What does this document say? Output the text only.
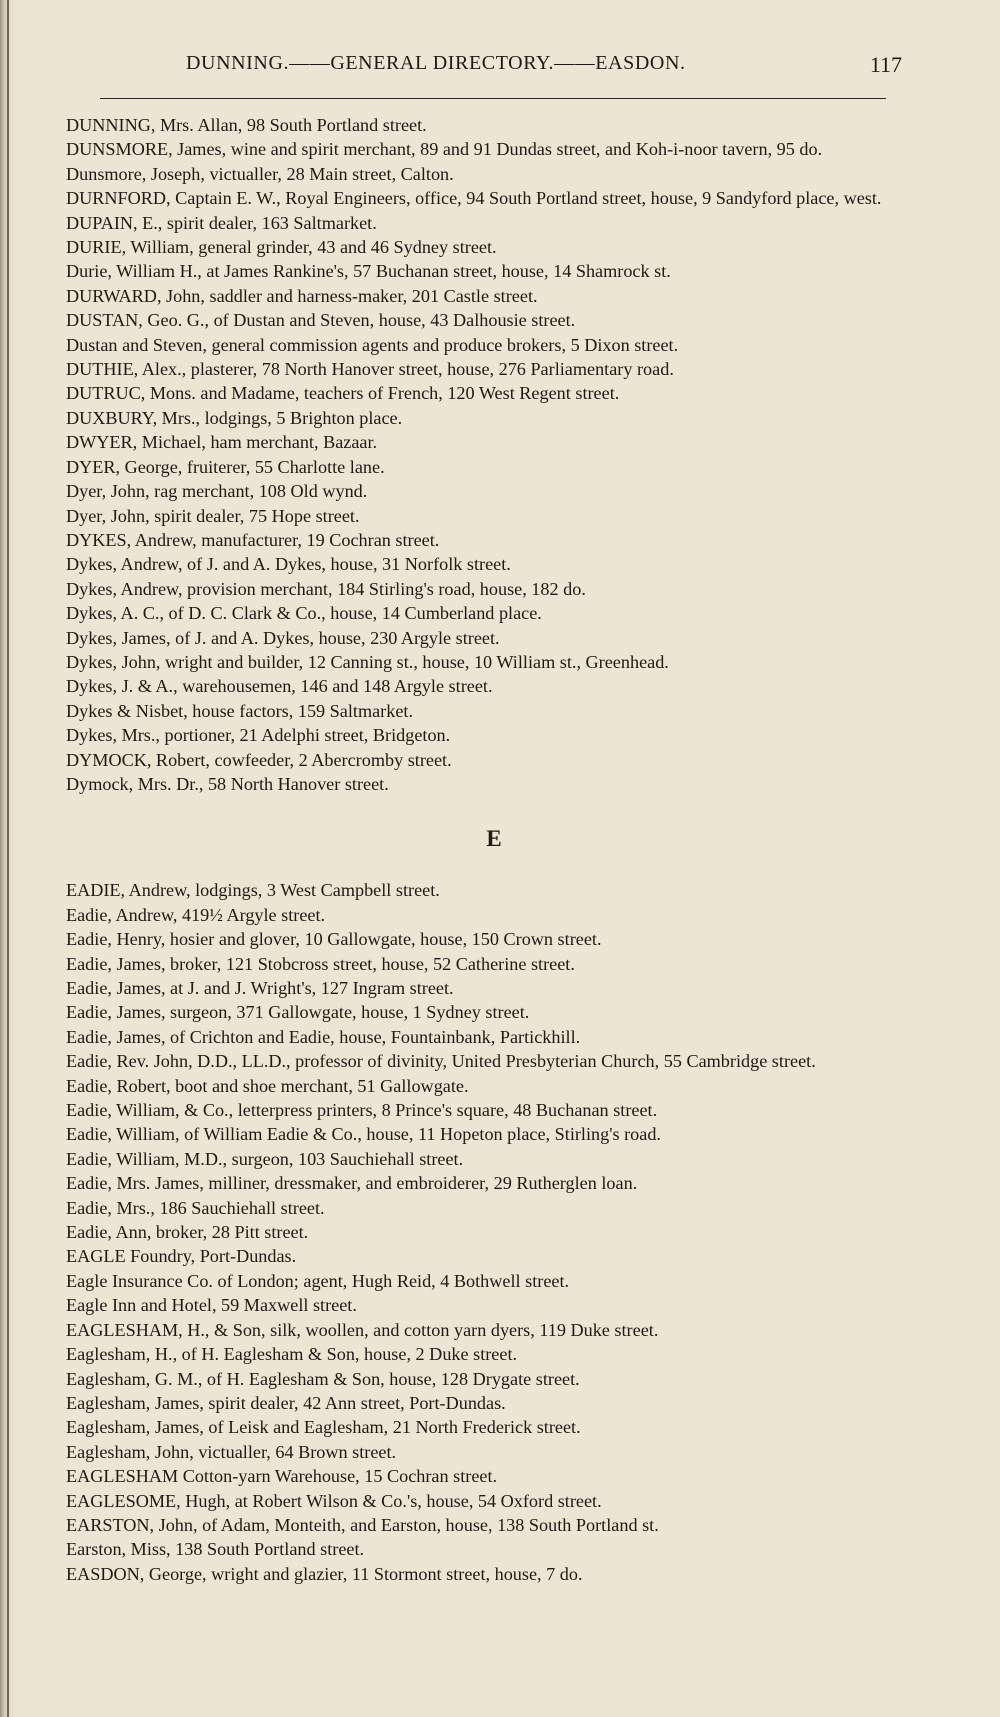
DUNNING.——GENERAL DIRECTORY.——EASDON.	117

DUNNING, Mrs. Allan, 98 South Portland street.

DUNSMORE, James, wine and spirit merchant, 89 and 91 Dundas street, and Koh-i-noor tavern, 95 do.

Dunsmore, Joseph, victualler, 28 Main street, Calton.

DURNFORD, Captain E. W., Royal Engineers, office, 94 South Portland street, house, 9 Sandyford place, west.

DUPAIN, E., spirit dealer, 163 Saltmarket.

DURIE, William, general grinder, 43 and 46 Sydney street.

Durie, William H., at James Rankine's, 57 Buchanan street, house, 14 Shamrock st.

DURWARD, John, saddler and harness-maker, 201 Castle street.

DUSTAN, Geo. G., of Dustan and Steven, house, 43 Dalhousie street.

Dustan and Steven, general commission agents and produce brokers, 5 Dixon street.

DUTHIE, Alex., plasterer, 78 North Hanover street, house, 276 Parliamentary road.

DUTRUC, Mons. and Madame, teachers of French, 120 West Regent street.

DUXBURY, Mrs., lodgings, 5 Brighton place.

DWYER, Michael, ham merchant, Bazaar.

DYER, George, fruiterer, 55 Charlotte lane.

Dyer, John, rag merchant, 108 Old wynd.

Dyer, John, spirit dealer, 75 Hope street.

DYKES, Andrew, manufacturer, 19 Cochran street.

Dykes, Andrew, of J. and A. Dykes, house, 31 Norfolk street.

Dykes, Andrew, provision merchant, 184 Stirling's road, house, 182 do.

Dykes, A. C., of D. C. Clark & Co., house, 14 Cumberland place.

Dykes, James, of J. and A. Dykes, house, 230 Argyle street.

Dykes, John, wright and builder, 12 Canning st., house, 10 William st., Greenhead.

Dykes, J. & A., warehousemen, 146 and 148 Argyle street.

Dykes & Nisbet, house factors, 159 Saltmarket.

Dykes, Mrs., portioner, 21 Adelphi street, Bridgeton.

DYMOCK, Robert, cowfeeder, 2 Abercromby street.

Dymock, Mrs. Dr., 58 North Hanover street.

E

EADIE, Andrew, lodgings, 3 West Campbell street.

Eadie, Andrew, 419½ Argyle street.

Eadie, Henry, hosier and glover, 10 Gallowgate, house, 150 Crown street.

Eadie, James, broker, 121 Stobcross street, house, 52 Catherine street.

Eadie, James, at J. and J. Wright's, 127 Ingram street.

Eadie, James, surgeon, 371 Gallowgate, house, 1 Sydney street.

Eadie, James, of Crichton and Eadie, house, Fountainbank, Partickhill.

Eadie, Rev. John, D.D., LL.D., professor of divinity, United Presbyterian Church, 55 Cambridge street.

Eadie, Robert, boot and shoe merchant, 51 Gallowgate.

Eadie, William, & Co., letterpress printers, 8 Prince's square, 48 Buchanan street.

Eadie, William, of William Eadie & Co., house, 11 Hopeton place, Stirling's road.

Eadie, William, M.D., surgeon, 103 Sauchiehall street.

Eadie, Mrs. James, milliner, dressmaker, and embroiderer, 29 Rutherglen loan.

Eadie, Mrs., 186 Sauchiehall street.

Eadie, Ann, broker, 28 Pitt street.

EAGLE Foundry, Port-Dundas.

Eagle Insurance Co. of London; agent, Hugh Reid, 4 Bothwell street.

Eagle Inn and Hotel, 59 Maxwell street.

EAGLESHAM, H., & Son, silk, woollen, and cotton yarn dyers, 119 Duke street.

Eaglesham, H., of H. Eaglesham & Son, house, 2 Duke street.

Eaglesham, G. M., of H. Eaglesham & Son, house, 128 Drygate street.

Eaglesham, James, spirit dealer, 42 Ann street, Port-Dundas.

Eaglesham, James, of Leisk and Eaglesham, 21 North Frederick street.

Eaglesham, John, victualler, 64 Brown street.

EAGLESHAM Cotton-yarn Warehouse, 15 Cochran street.

EAGLESOME, Hugh, at Robert Wilson & Co.'s, house, 54 Oxford street.

EARSTON, John, of Adam, Monteith, and Earston, house, 138 South Portland st.

Earston, Miss, 138 South Portland street.

EASDON, George, wright and glazier, 11 Stormont street, house, 7 do.
